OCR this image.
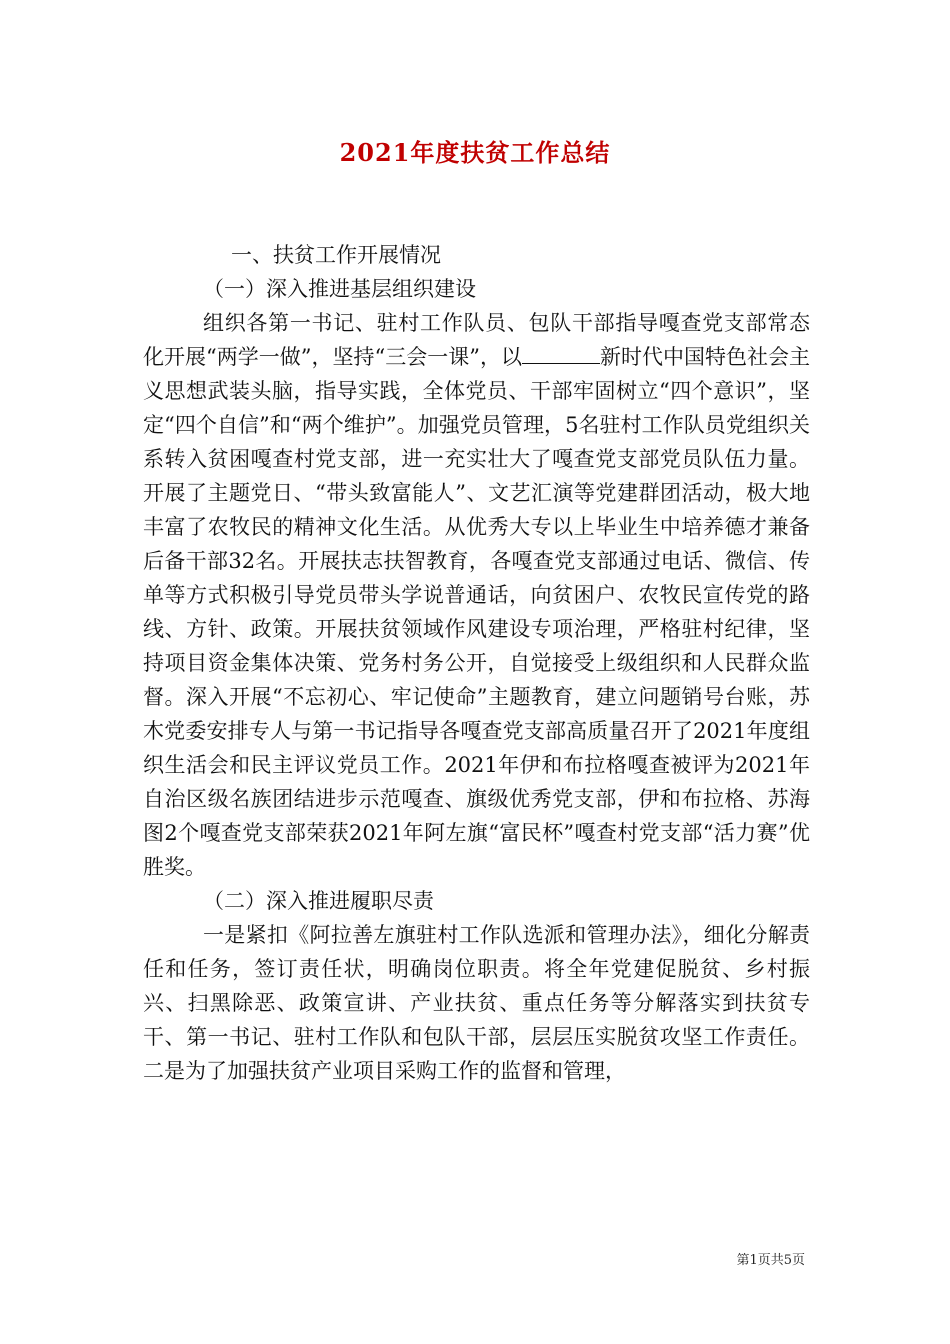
2021年度扶贫工作总结

一、扶贫工作开展情况

（一）深入推进基层组织建设

组织各第一书记、驻村工作队员、包队干部指导嘎查党支部常态化开展“两学一做”，坚持“三会一课”，以	新时代中国特色社会主义思想武装头脑，指导实践，全体党员、干部牢固树立“四个意识”，坚定“四个自信”和“两个维护”。加强党员管理，5名驻村工作队员党组织关系转入贫困嘎查村党支部，进一充实壮大了嘎查党支部党员队伍力量。开展了主题党日、“带头致富能人”、文艺汇演等党建群团活动，极大地丰富了农牧民的精神文化生活。从优秀大专以上毕业生中培养德才兼备后备干部32名。开展扶志扶智教育，各嘎查党支部通过电话、微信、传单等方式积极引导党员带头学说普通话，向贫困户、农牧民宣传党的路线、方针、政策。开展扶贫领域作风建设专项治理，严格驻村纪律，坚持项目资金集体决策、党务村务公开，自觉接受上级组织和人民群众监督。深入开展“不忘初心、牢记使命”主题教育，建立问题销号台账，苏木党委安排专人与第一书记指导各嘎查党支部高质量召开了2021年度组织生活会和民主评议党员工作。2021年伊和布拉格嘎查被评为2021年自治区级名族团结进步示范嘎查、旗级优秀党支部，伊和布拉格、苏海图2个嘎查党支部荣获2021年阿左旗“富民杯”嘎查村党支部“活力赛”优胜奖。

（二）深入推进履职尽责

一是紧扣《阿拉善左旗驻村工作队选派和管理办法》，细化分解责任和任务，签订责任状，明确岗位职责。将全年党建促脱贫、乡村振兴、扫黑除恶、政策宣讲、产业扶贫、重点任务等分解落实到扶贫专干、第一书记、驻村工作队和包队干部，层层压实脱贫攻坚工作责任。二是为了加强扶贫产业项目采购工作的监督和管理，

第1页共5页
